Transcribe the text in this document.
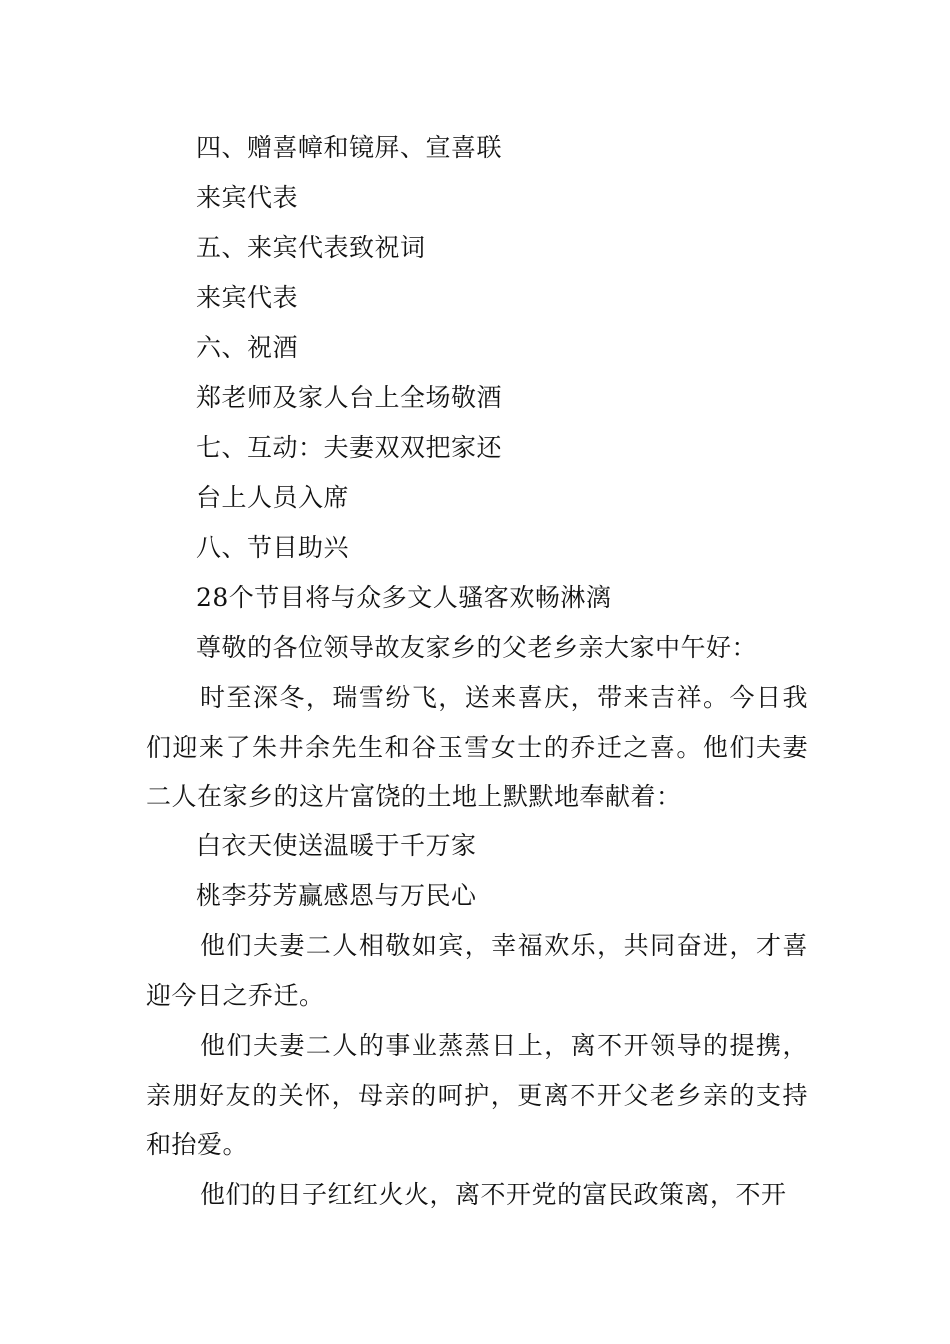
四、赠喜幛和镜屏、宣喜联
来宾代表
五、来宾代表致祝词
来宾代表
六、祝酒
郑老师及家人台上全场敬酒
七、互动：夫妻双双把家还
台上人员入席
八、节目助兴
28个节目将与众多文人骚客欢畅淋漓
尊敬的各位领导故友家乡的父老乡亲大家中午好：

时至深冬，瑞雪纷飞，送来喜庆，带来吉祥。今日我们迎来了朱井余先生和谷玉雪女士的乔迁之喜。他们夫妻二人在家乡的这片富饶的土地上默默地奉献着：

白衣天使送温暖于千万家
桃李芬芳赢感恩与万民心

他们夫妻二人相敬如宾，幸福欢乐，共同奋进，才喜迎今日之乔迁。

他们夫妻二人的事业蒸蒸日上，离不开领导的提携，亲朋好友的关怀，母亲的呵护，更离不开父老乡亲的支持和抬爱。

他们的日子红红火火，离不开党的富民政策离，不开
